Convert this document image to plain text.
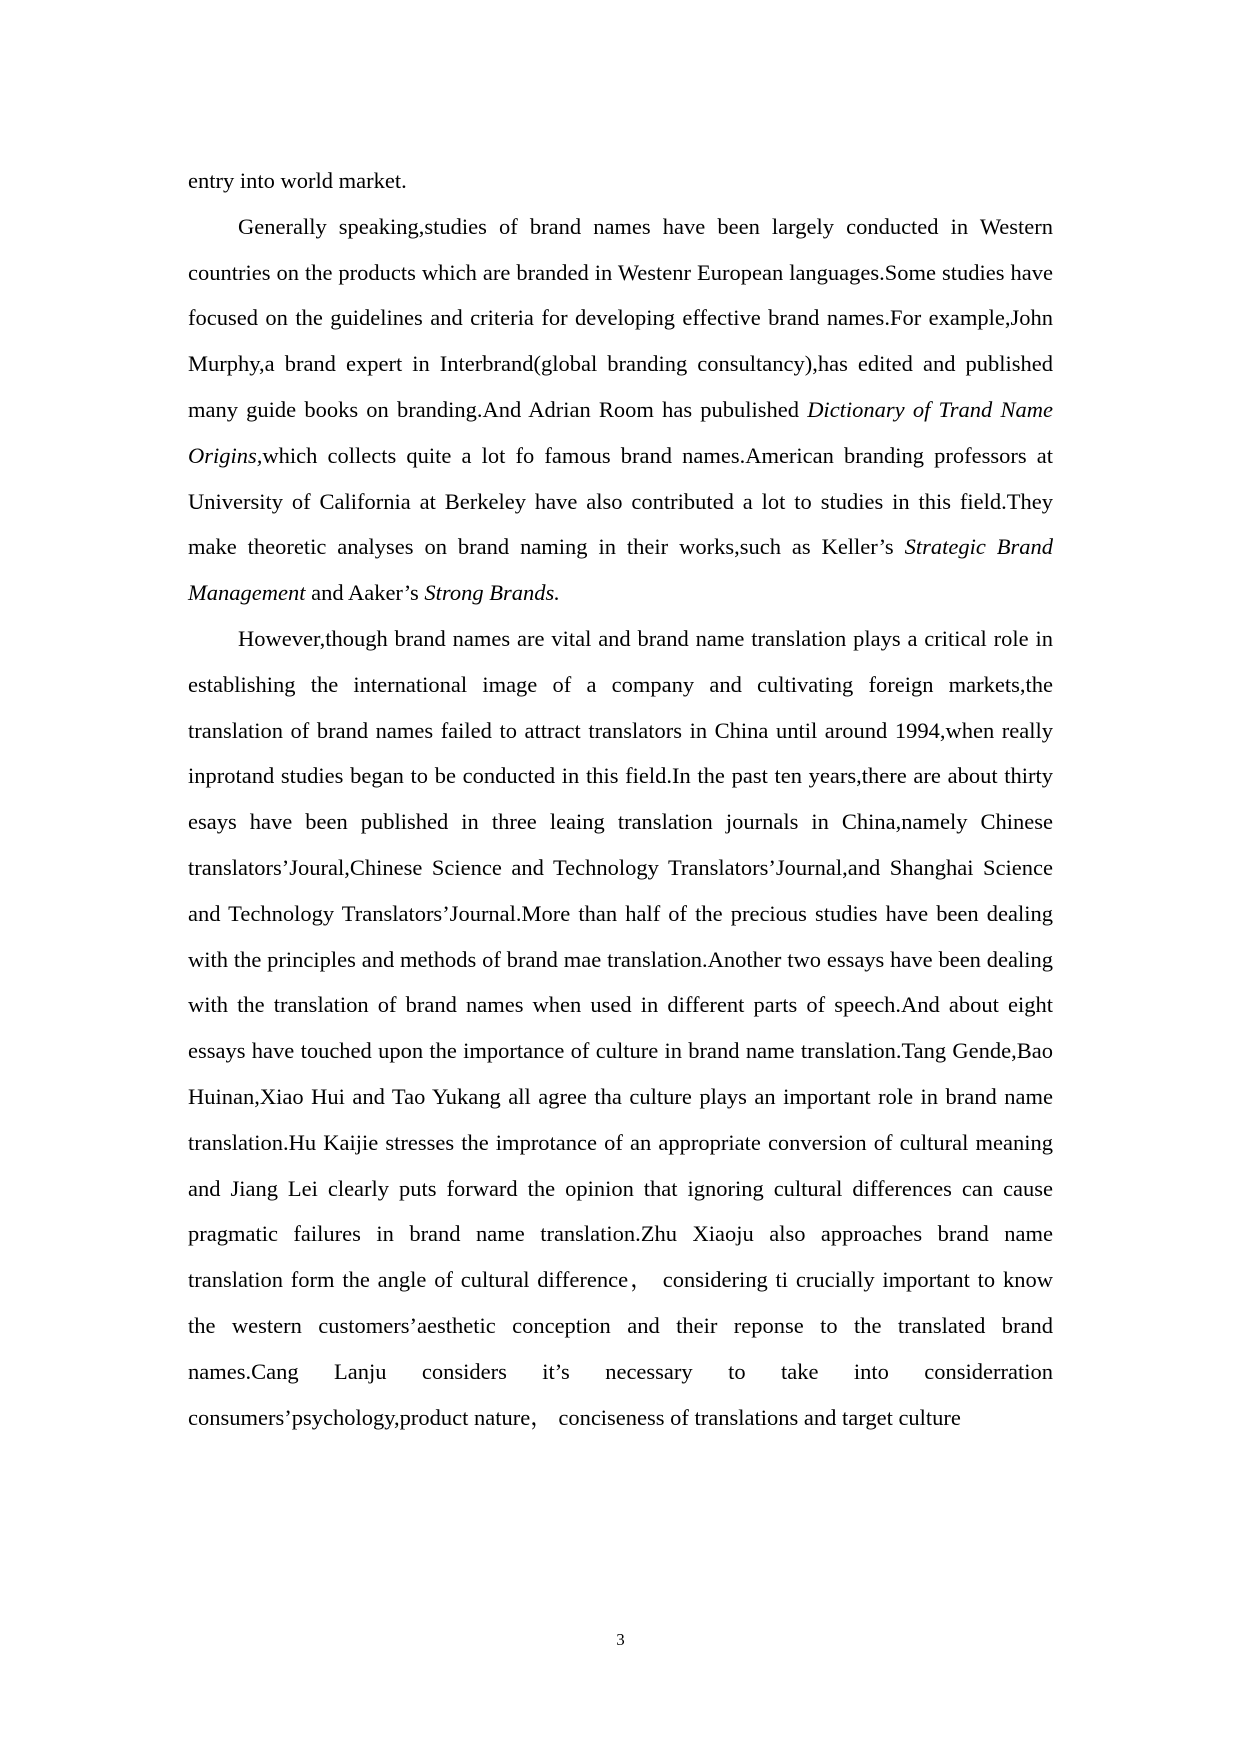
entry into world market.

Generally speaking,studies of brand names have been largely conducted in Western countries on the products which are branded in Westenr European languages.Some studies have focused on the guidelines and criteria for developing effective brand names.For example,John Murphy,a brand expert in Interbrand(global branding consultancy),has edited and published many guide books on branding.And Adrian Room has pubulished Dictionary of Trand Name Origins,which collects quite a lot fo famous brand names.American branding professors at University of California at Berkeley have also contributed a lot to studies in this field.They make theoretic analyses on brand naming in their works,such as Keller’s Strategic Brand Management and Aaker’s Strong Brands.

However,though brand names are vital and brand name translation plays a critical role in establishing the international image of a company and cultivating foreign markets,the translation of brand names failed to attract translators in China until around 1994,when really inprotand studies began to be conducted in this field.In the past ten years,there are about thirty esays have been published in three leaing translation journals in China,namely Chinese translators’Joural,Chinese Science and Technology Translators’Journal,and Shanghai Science and Technology Translators’Journal.More than half of the precious studies have been dealing with the principles and methods of brand mae translation.Another two essays have been dealing with the translation of brand names when used in different parts of speech.And about eight essays have touched upon the importance of culture in brand name translation.Tang Gende,Bao Huinan,Xiao Hui and Tao Yukang all agree tha culture plays an important role in brand name translation.Hu Kaijie stresses the improtance of an appropriate conversion of cultural meaning and Jiang Lei clearly puts forward the opinion that ignoring cultural differences can cause pragmatic failures in brand name translation.Zhu Xiaoju also approaches brand name translation form the angle of cultural difference， considering ti crucially important to know the western customers’aesthetic conception and their reponse to the translated brand names.Cang Lanju considers it’s necessary to take into considerration consumers’psychology,product nature， conciseness of translations and target culture

3
